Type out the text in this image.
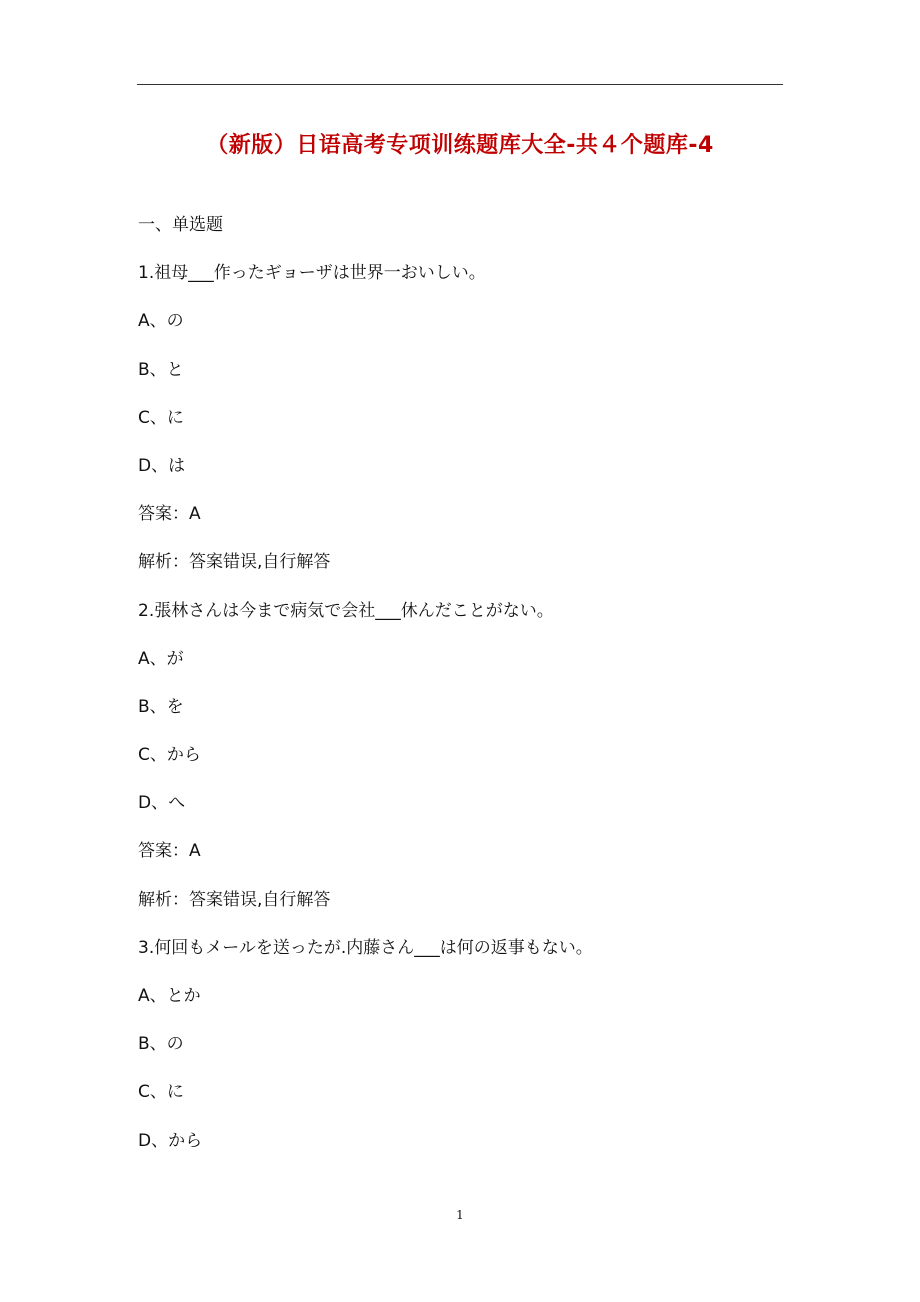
（新版）日语高考专项训练题库大全-共４个题库-4
一、单选题
1.祖母___作ったギョーザは世界一おいしい。
A、の
B、と
C、に
D、は
答案：A
解析：答案错误,自行解答
2.張林さんは今まで病気で会社___休んだことがない。
A、が
B、を
C、から
D、へ
答案：A
解析：答案错误,自行解答
3.何回もメールを送ったが.内藤さん___は何の返事もない。
A、とか
B、の
C、に
D、から
1
